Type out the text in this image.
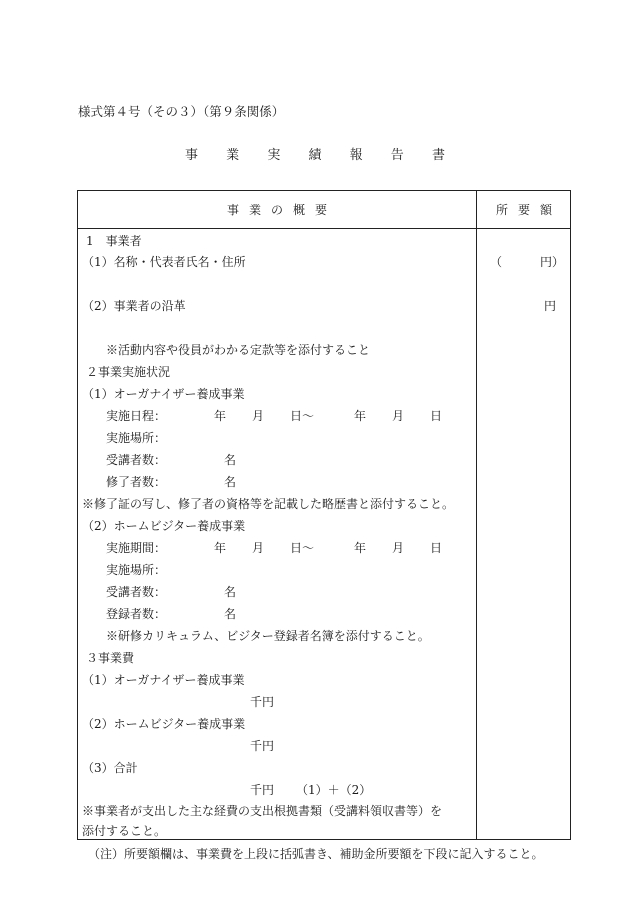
様式第４号（その３）（第９条関係）
事 業 実 績 報 告 書
事 業 の 概 要	所 要 額
1　事業者
（1）名称・代表者氏名・住所	（	円）
（2）事業者の沿革	円
※活動内容や役員がわかる定款等を添付すること
２事業実施状況
（1）オーガナイザー養成事業
実施日程：	年 月 日～	年 月 日
実施場所：
受講者数：	名
修了者数：	名
※修了証の写し、修了者の資格等を記載した略歴書と添付すること。
（2）ホームビジター養成事業
実施期間：	年 月 日～	年 月 日
実施場所：
受講者数：	名
登録者数：	名
※研修カリキュラム、ビジター登録者名簿を添付すること。
３事業費
（1）オーガナイザー養成事業
千円
（2）ホームビジター養成事業
千円
（3）合計
千円 （1）＋（2）
※事業者が支出した主な経費の支出根拠書類（受講料領収書等）を
添付すること。
（注）所要額欄は、事業費を上段に括弧書き、補助金所要額を下段に記入すること。
